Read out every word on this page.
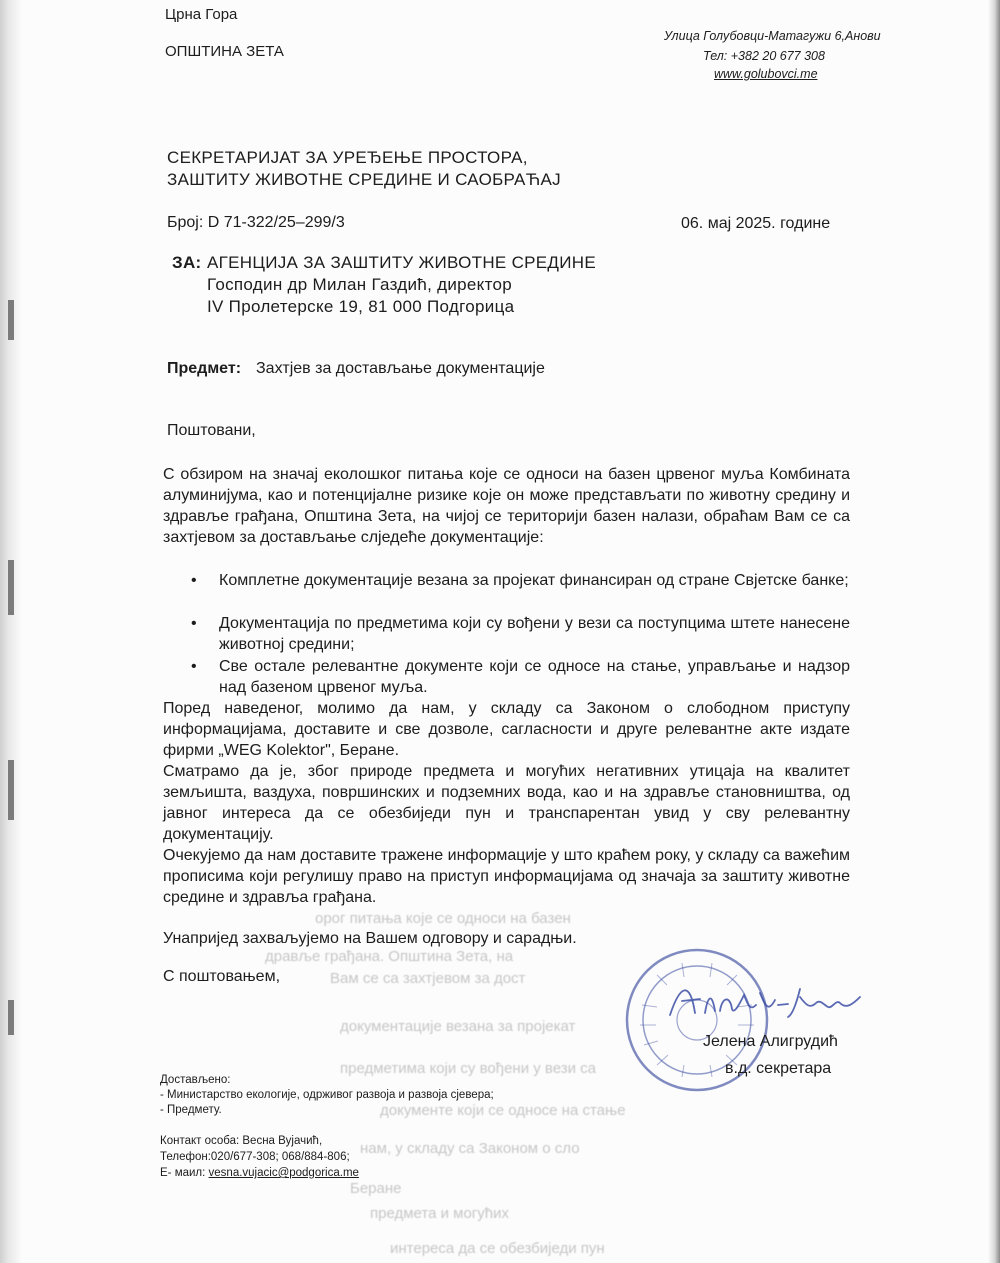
Црна Гора
ОПШТИНА ЗЕТА
Улица Голубовци-Матагужи 6,Анови
Тел: +382 20 677 308
www.golubovci.me
СЕКРЕТАРИЈАТ ЗА УРЕЂЕЊЕ ПРОСТОРА,
ЗАШТИТУ ЖИВОТНЕ СРЕДИНЕ И САОБРАЋАЈ
Број: D 71-322/25–299/3	06. мај 2025. године
ЗА: АГЕНЦИЈА ЗА ЗАШТИТУ ЖИВОТНЕ СРЕДИНЕ
Господин др Милан Газдић, директор
IV Пролетерске 19, 81 000 Подгорица
Предмет: Захтјев за достављање документације
Поштовани,
С обзиром на значај еколошког питања које се односи на базен црвеног муља Комбината алуминијума, као и потенцијалне ризике које он може представљати по животну средину и здравље грађана, Општина Зета, на чијој се територији базен налази, обраћам Вам се са захтјевом за достављање слједеће документације:
• Комплетне документације везана за пројекат финансиран од стране Свјетске банке;
• Документација по предметима који су вођени у вези са поступцима штете нанесене животној средини;
• Све остале релевантне документе који се односе на стање, управљање и надзор над базеном црвеног муља.
Поред наведеног, молимо да нам, у складу са Законом о слободном приступу информацијама, доставите и све дозволе, сагласности и друге релевантне акте издате фирми „WEG Kolektor", Беране.
Сматрамо да је, због природе предмета и могућих негативних утицаја на квалитет земљишта, ваздуха, површинских и подземних вода, као и на здравље становништва, од јавног интереса да се обезбиједи пун и транспарентан увид у сву релевантну документацију.
Очекујемо да нам доставите тражене информације у што краћем року, у складу са важећим прописима који регулишу право на приступ информацијама од значаја за заштиту животне средине и здравља грађана.
Унапријед захваљујемо на Вашем одговору и сарадњи.
С поштовањем,
орог питања које се односи на базен
дравље грађана. Општина Зета, на
Вам се са захтјевом за дост
документације везана за пројекат
предметима који су вођени у вези са
документе који се односе на стање
нам, у складу са Законом о сло
Беране
предмета и могућих
интереса да се обезбиједи пун
Јелена Алигрудић
в.д. секретара
Достављено:
- Министарство екологије, одрживог развоја и развоја сјевера;
- Предмету.
Контакт особа: Весна Вујачић,
Телефон:020/677-308; 068/884-806;
Е- маил: vesna.vujacic@podgorica.me
